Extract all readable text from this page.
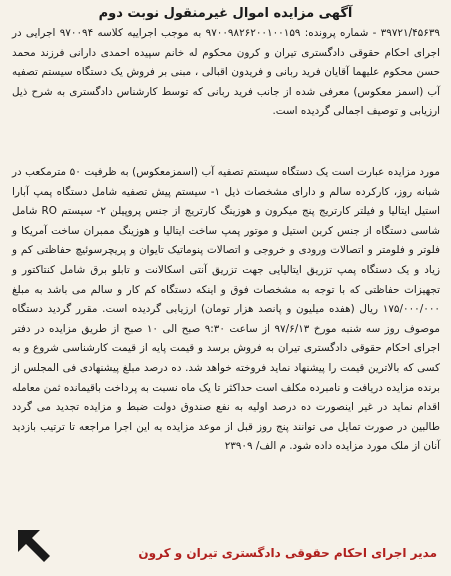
آگهی مزایده اموال غیرمنقول نوبت دوم
۳۹۷۲۱/۴۵۶۳۹ - شماره پرونده: ۹۷۰۰۹۸۲۶۲۰۰۱۰۰۱۵۹ به موجب اجراییه کلاسه ۹۷۰۰۹۴ اجرایی در اجرای احکام حقوقی دادگستری تیران و کرون محکوم له خانم سپیده احمدی دارانی فرزند محمد حسن محکوم علیهما آقایان فرید ربانی و فریدون اقبالی ، مبنی بر فروش یک دستگاه سیستم تصفیه آب (اسمز معکوس) معرفی شده از جانب فرید ربانی که توسط کارشناس دادگستری به شرح ذیل ارزیابی و توصیف اجمالی گردیده است.
مورد مزایده عبارت است یک دستگاه سیستم تصفیه آب (اسمزمعکوس) به ظرفیت ۵۰ مترمکعب در شبانه روز، کارکرده سالم و دارای مشخصات ذیل ۱- سیستم پیش تصفیه شامل دستگاه پمپ آبارا استیل ایتالیا و فیلتر کارتریج پنج میکرون و هوزینگ کارتریج از جنس پروپیلن ۲- سیستم RO شامل شاسی دستگاه از جنس کربن استیل و موتور پمپ ساخت ایتالیا و هوزینگ ممبران ساخت آمریکا و فلوتر و فلومتر و اتصالات ورودی و خروجی و اتصالات پنوماتیک تایوان و پریچرسوئیچ حفاظتی کم و زیاد و یک دستگاه پمپ تزریق ایتالیایی جهت تزریق آنتی اسکالانت و تابلو برق شامل کنتاکتور و تجهیزات حفاظتی که با توجه به مشخصات فوق و اینکه دستگاه کم کار و سالم می باشد به مبلغ ۱۷۵/۰۰۰/۰۰۰ ریال (هفده میلیون و پانصد هزار تومان) ارزیابی گردیده است. مقرر گردید دستگاه موصوف روز سه شنبه مورخ ۹۷/۶/۱۳ از ساعت ۹:۳۰ صبح الی ۱۰ صبح از طریق مزایده در دفتر اجرای احکام حقوقی دادگستری تیران به فروش برسد و قیمت پایه از قیمت کارشناسی شروع و به کسی که بالاترین قیمت را پیشنهاد نماید فروخته خواهد شد. ده درصد مبلغ پیشنهادی فی المجلس از برنده مزایده دریافت و نامبرده مکلف است حداکثر تا یک ماه نسبت به پرداخت باقیمانده ثمن معامله اقدام نماید در غیر اینصورت ده درصد اولیه به نفع صندوق دولت ضبط و مزایده تجدید می گردد طالبین در صورت تمایل می توانند پنج روز قبل از موعد مزایده به این اجرا مراجعه تا ترتیب بازدید آنان از ملک مورد مزایده داده شود. م الف/ ۲۳۹۰۹
مدیر اجرای احکام حقوقی دادگستری تیران و کرون
